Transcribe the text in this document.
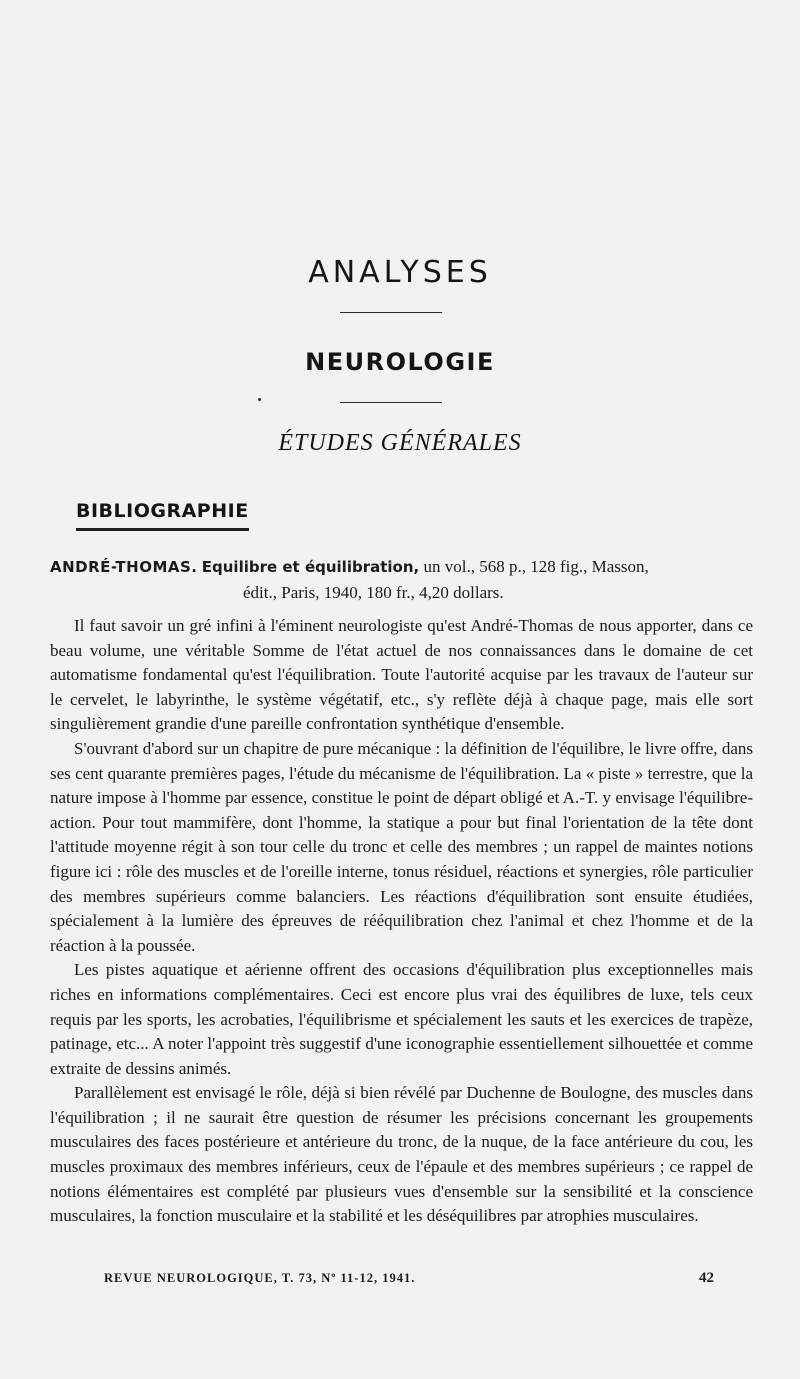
ANALYSES
NEUROLOGIE
ÉTUDES GÉNÉRALES
BIBLIOGRAPHIE
ANDRÉ-THOMAS. Equilibre et équilibration, un vol., 568 p., 128 fig., Masson,
édit., Paris, 1940, 180 fr., 4,20 dollars.

Il faut savoir un gré infini à l'éminent neurologiste qu'est André-Thomas de nous apporter, dans ce beau volume, une véritable Somme de l'état actuel de nos connaissances dans le domaine de cet automatisme fondamental qu'est l'équilibration. Toute l'autorité acquise par les travaux de l'auteur sur le cervelet, le labyrinthe, le système végétatif, etc., s'y reflète déjà à chaque page, mais elle sort singulièrement grandie d'une pareille confrontation synthétique d'ensemble.

S'ouvrant d'abord sur un chapitre de pure mécanique : la définition de l'équilibre, le livre offre, dans ses cent quarante premières pages, l'étude du mécanisme de l'équilibration. La « piste » terrestre, que la nature impose à l'homme par essence, constitue le point de départ obligé et A.-T. y envisage l'équilibre-action. Pour tout mammifère, dont l'homme, la statique a pour but final l'orientation de la tête dont l'attitude moyenne régit à son tour celle du tronc et celle des membres ; un rappel de maintes notions figure ici : rôle des muscles et de l'oreille interne, tonus résiduel, réactions et synergies, rôle particulier des membres supérieurs comme balanciers. Les réactions d'équilibration sont ensuite étudiées, spécialement à la lumière des épreuves de rééquilibration chez l'animal et chez l'homme et de la réaction à la poussée.

Les pistes aquatique et aérienne offrent des occasions d'équilibration plus exceptionnelles mais riches en informations complémentaires. Ceci est encore plus vrai des équilibres de luxe, tels ceux requis par les sports, les acrobaties, l'équilibrisme et spécialement les sauts et les exercices de trapèze, patinage, etc... A noter l'appoint très suggestif d'une iconographie essentiellement silhouettée et comme extraite de dessins animés.

Parallèlement est envisagé le rôle, déjà si bien révélé par Duchenne de Boulogne, des muscles dans l'équilibration ; il ne saurait être question de résumer les précisions concernant les groupements musculaires des faces postérieure et antérieure du tronc, de la nuque, de la face antérieure du cou, les muscles proximaux des membres inférieurs, ceux de l'épaule et des membres supérieurs ; ce rappel de notions élémentaires est complété par plusieurs vues d'ensemble sur la sensibilité et la conscience musculaires, la fonction musculaire et la stabilité et les déséquilibres par atrophies musculaires.

REVUE NEUROLOGIQUE, T. 73, Nº 11-12, 1941.	42
